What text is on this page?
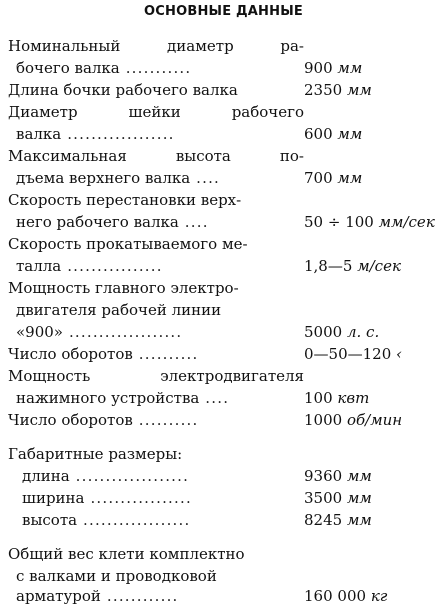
ОСНОВНЫЕ ДАННЫЕ
Номинальный	диаметр	ра-
бочего валка ...........	900 мм
Длина бочки рабочего валка	2350 мм
Диаметр	шейки	рабочего
валка ..................	600 мм
Максимальная	высота	по-
дъема верхнего валка ....	700 мм
Скорость перестановки верх-
него рабочего валка ....	50 ÷ 100 мм/сек
Скорость прокатываемого ме-
талла ................	1,8—5 м/сек
Мощность главного электро-
двигателя рабочей линии
«900» ...................	5000 л. с.
Число оборотов ..........	0—50—120 ‹
Мощность	электродвигателя
нажимного устройства ....	100 квт
Число оборотов ..........	1000 об/мин
Габаритные размеры:
длина ...................	9360 мм
ширина .................	3500 мм
высота ..................	8245 мм
Общий вес клети комплектно
с валками и проводковой
арматурой ............	160 000 кг
